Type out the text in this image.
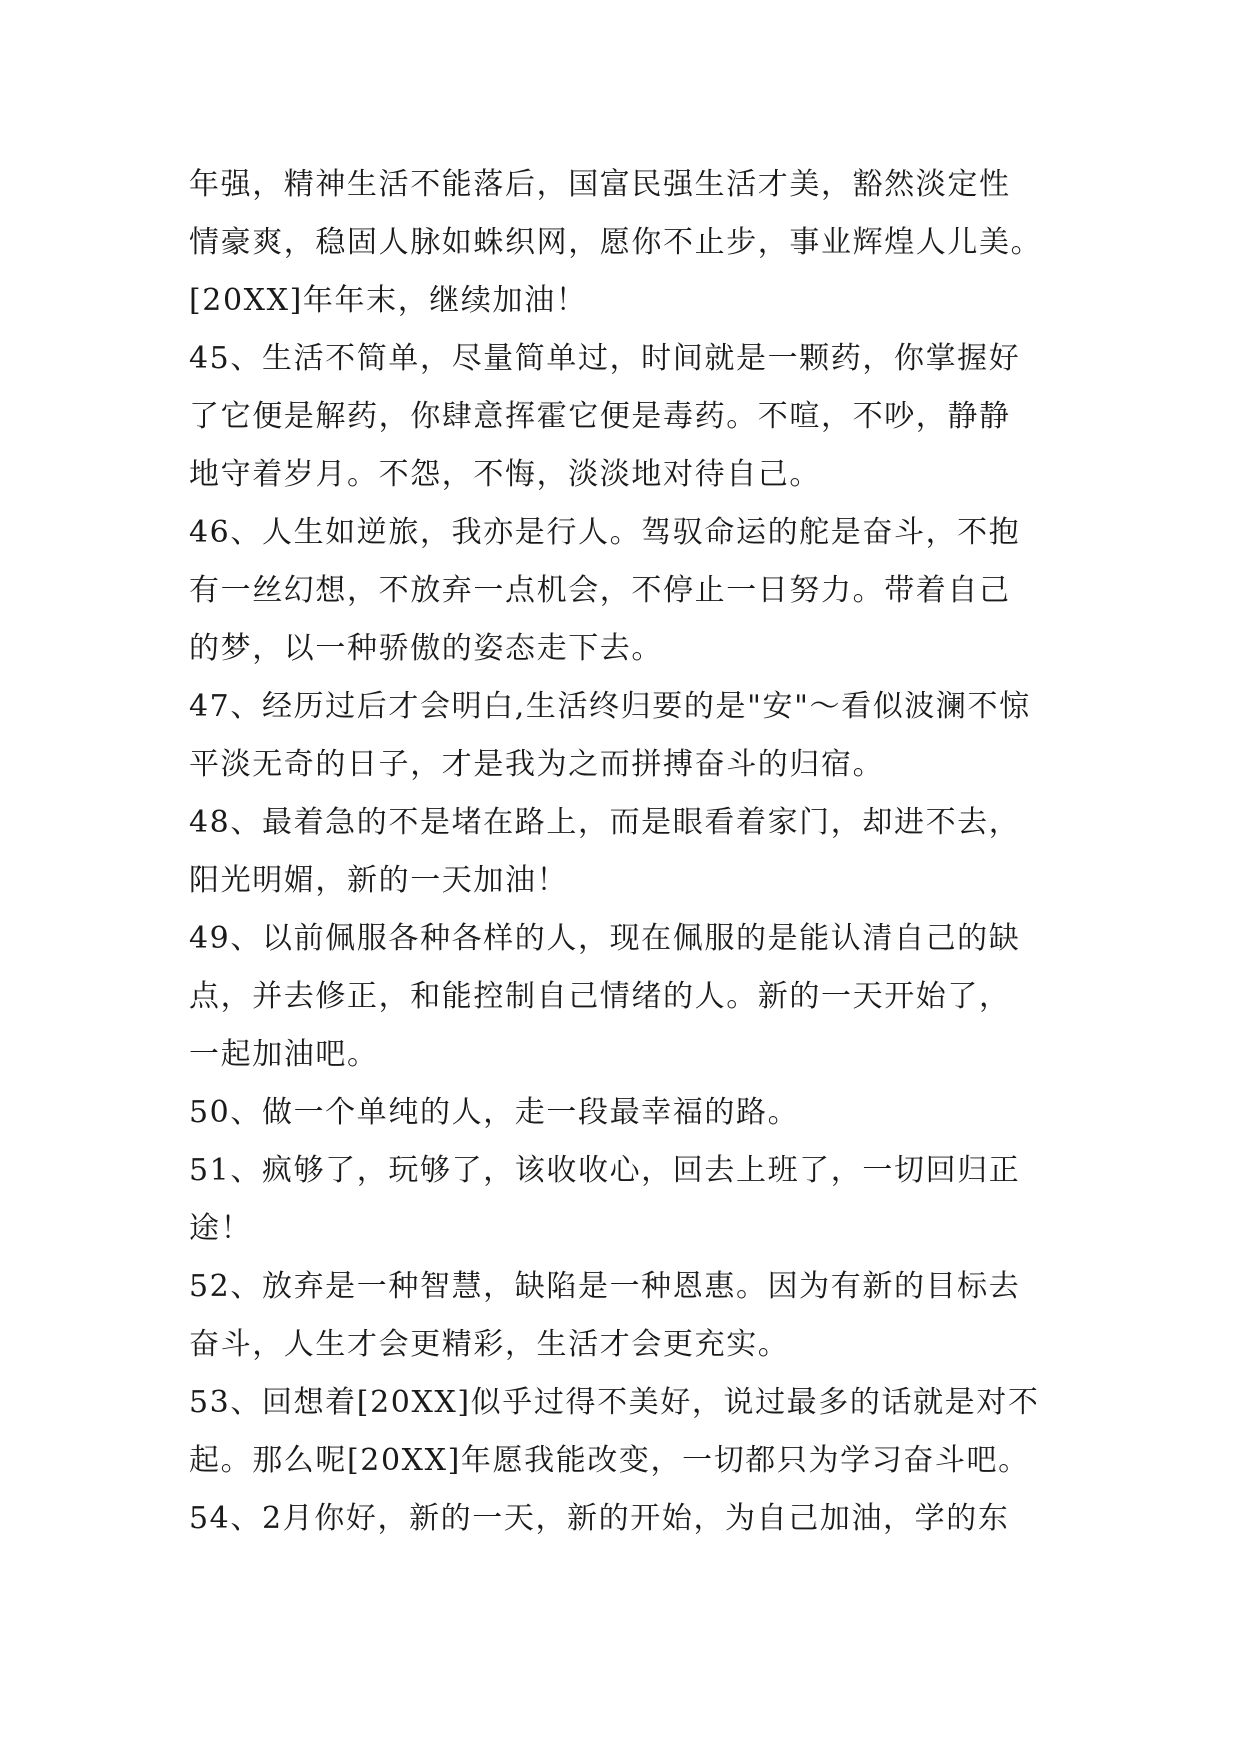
年强，精神生活不能落后，国富民强生活才美，豁然淡定性
情豪爽，稳固人脉如蛛织网，愿你不止步，事业辉煌人儿美。
[20XX]年年末，继续加油！
45、生活不简单，尽量简单过，时间就是一颗药，你掌握好
了它便是解药，你肆意挥霍它便是毒药。不喧，不吵，静静
地守着岁月。不怨，不悔，淡淡地对待自己。
46、人生如逆旅，我亦是行人。驾驭命运的舵是奋斗，不抱
有一丝幻想，不放弃一点机会，不停止一日努力。带着自己
的梦，以一种骄傲的姿态走下去。
47、经历过后才会明白,生活终归要的是"安"～看似波澜不惊
平淡无奇的日子，才是我为之而拼搏奋斗的归宿。
48、最着急的不是堵在路上，而是眼看着家门，却进不去，
阳光明媚，新的一天加油！
49、以前佩服各种各样的人，现在佩服的是能认清自己的缺
点，并去修正，和能控制自己情绪的人。新的一天开始了，
一起加油吧。
50、做一个单纯的人，走一段最幸福的路。
51、疯够了，玩够了，该收收心，回去上班了，一切回归正
途！
52、放弃是一种智慧，缺陷是一种恩惠。因为有新的目标去
奋斗，人生才会更精彩，生活才会更充实。
53、回想着[20XX]似乎过得不美好，说过最多的话就是对不
起。那么呢[20XX]年愿我能改变，一切都只为学习奋斗吧。
54、2月你好，新的一天，新的开始，为自己加油，学的东
